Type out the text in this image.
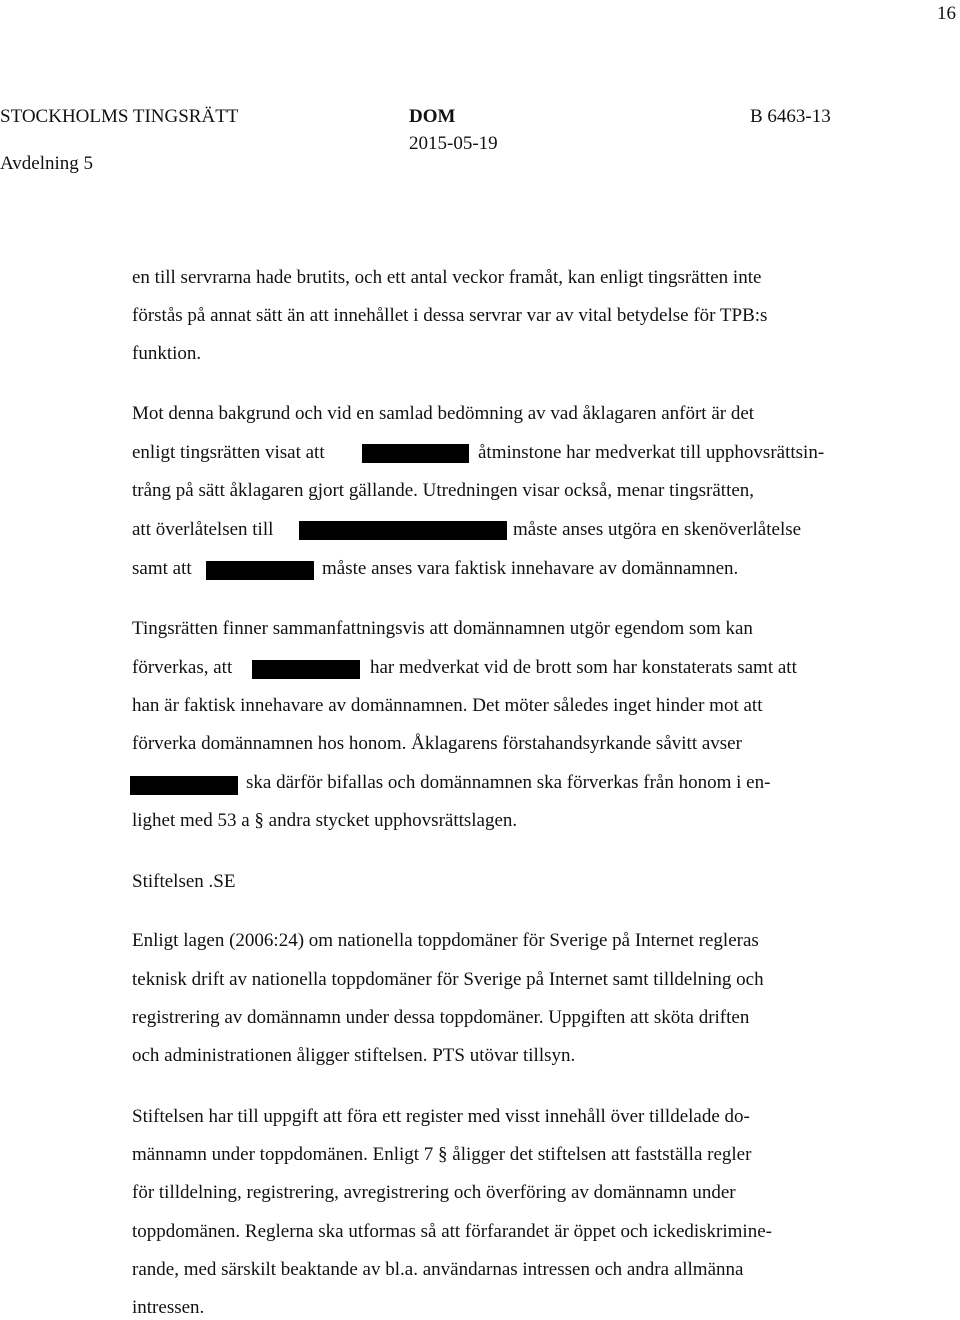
16
STOCKHOLMS TINGSRÄTT
Avdelning 5
DOM
2015-05-19
B 6463-13
en till servrarna hade brutits, och ett antal veckor framåt, kan enligt tingsrätten inte
förstås på annat sätt än att innehållet i dessa servrar var av vital betydelse för TPB:s
funktion.
Mot denna bakgrund och vid en samlad bedömning av vad åklagaren anfört är det
enligt tingsrätten visat att	åtminstone har medverkat till upphovsrättsin-
trång på sätt åklagaren gjort gällande. Utredningen visar också, menar tingsrätten,
att överlåtelsen till	måste anses utgöra en skenöverlåtelse
samt att	måste anses vara faktisk innehavare av domännamnen.
Tingsrätten finner sammanfattningsvis att domännamnen utgör egendom som kan
förverkas, att	har medverkat vid de brott som har konstaterats samt att
han är faktisk innehavare av domännamnen. Det möter således inget hinder mot att
förverka domännamnen hos honom. Åklagarens förstahandsyrkande såvitt avser
ska därför bifallas och domännamnen ska förverkas från honom i en-
lighet med 53 a § andra stycket upphovsrättslagen.
Stiftelsen .SE
Enligt lagen (2006:24) om nationella toppdomäner för Sverige på Internet regleras
teknisk drift av nationella toppdomäner för Sverige på Internet samt tilldelning och
registrering av domännamn under dessa toppdomäner. Uppgiften att sköta driften
och administrationen åligger stiftelsen. PTS utövar tillsyn.
Stiftelsen har till uppgift att föra ett register med visst innehåll över tilldelade do-
männamn under toppdomänen. Enligt 7 § åligger det stiftelsen att fastställa regler
för tilldelning, registrering, avregistrering och överföring av domännamn under
toppdomänen. Reglerna ska utformas så att förfarandet är öppet och ickediskrimine-
rande, med särskilt beaktande av bl.a. användarnas intressen och andra allmänna
intressen.
